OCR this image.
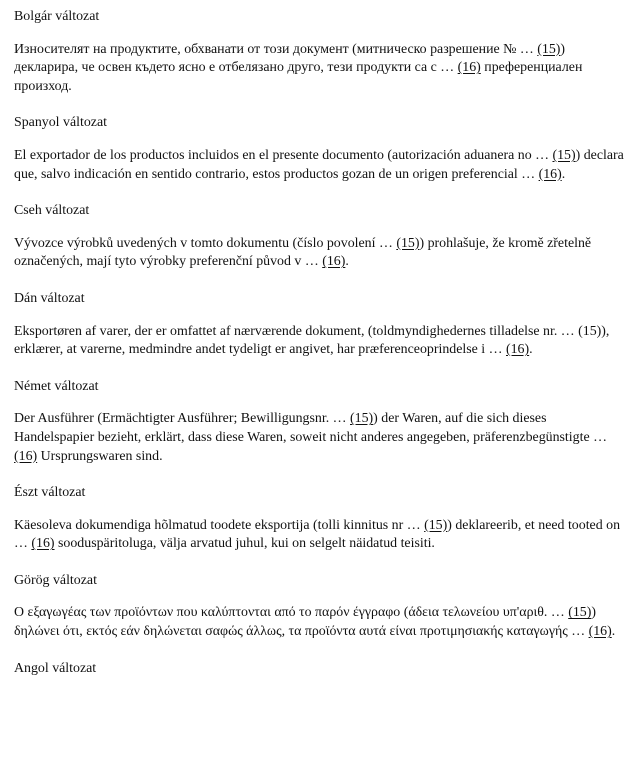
Bolgár változat
Износителят на продуктите, обхванати от този документ (митническо разрешение № … (15)) декларира, че освен където ясно е отбелязано друго, тези продукти са с … (16) преференциален произход.
Spanyol változat
El exportador de los productos incluidos en el presente documento (autorización aduanera no … (15)) declara que, salvo indicación en sentido contrario, estos productos gozan de un origen preferencial … (16).
Cseh változat
Vývozce výrobků uvedených v tomto dokumentu (číslo povolení … (15)) prohlašuje, že kromě zřetelně označených, mají tyto výrobky preferenční původ v … (16).
Dán változat
Eksportøren af varer, der er omfattet af nærværende dokument, (toldmyndighedernes tilladelse nr. … (15)), erklærer, at varerne, medmindre andet tydeligt er angivet, har præferenceoprindelse i … (16).
Német változat
Der Ausführer (Ermächtigter Ausführer; Bewilligungsnr. … (15)) der Waren, auf die sich dieses Handelspapier bezieht, erklärt, dass diese Waren, soweit nicht anderes angegeben, präferenzbegünstigte … (16) Ursprungswaren sind.
Észt változat
Käesoleva dokumendiga hõlmatud toodete eksportija (tolli kinnitus nr … (15)) deklareerib, et need tooted on … (16) sooduspäritoluga, välja arvatud juhul, kui on selgelt näidatud teisiti.
Görög változat
Ο εξαγωγέας των προϊόντων που καλύπτονται από το παρόν έγγραφο (άδεια τελωνείου υπ'αριθ. … (15)) δηλώνει ότι, εκτός εάν δηλώνεται σαφώς άλλως, τα προϊόντα αυτά είναι προτιμησιακής καταγωγής … (16).
Angol változat
